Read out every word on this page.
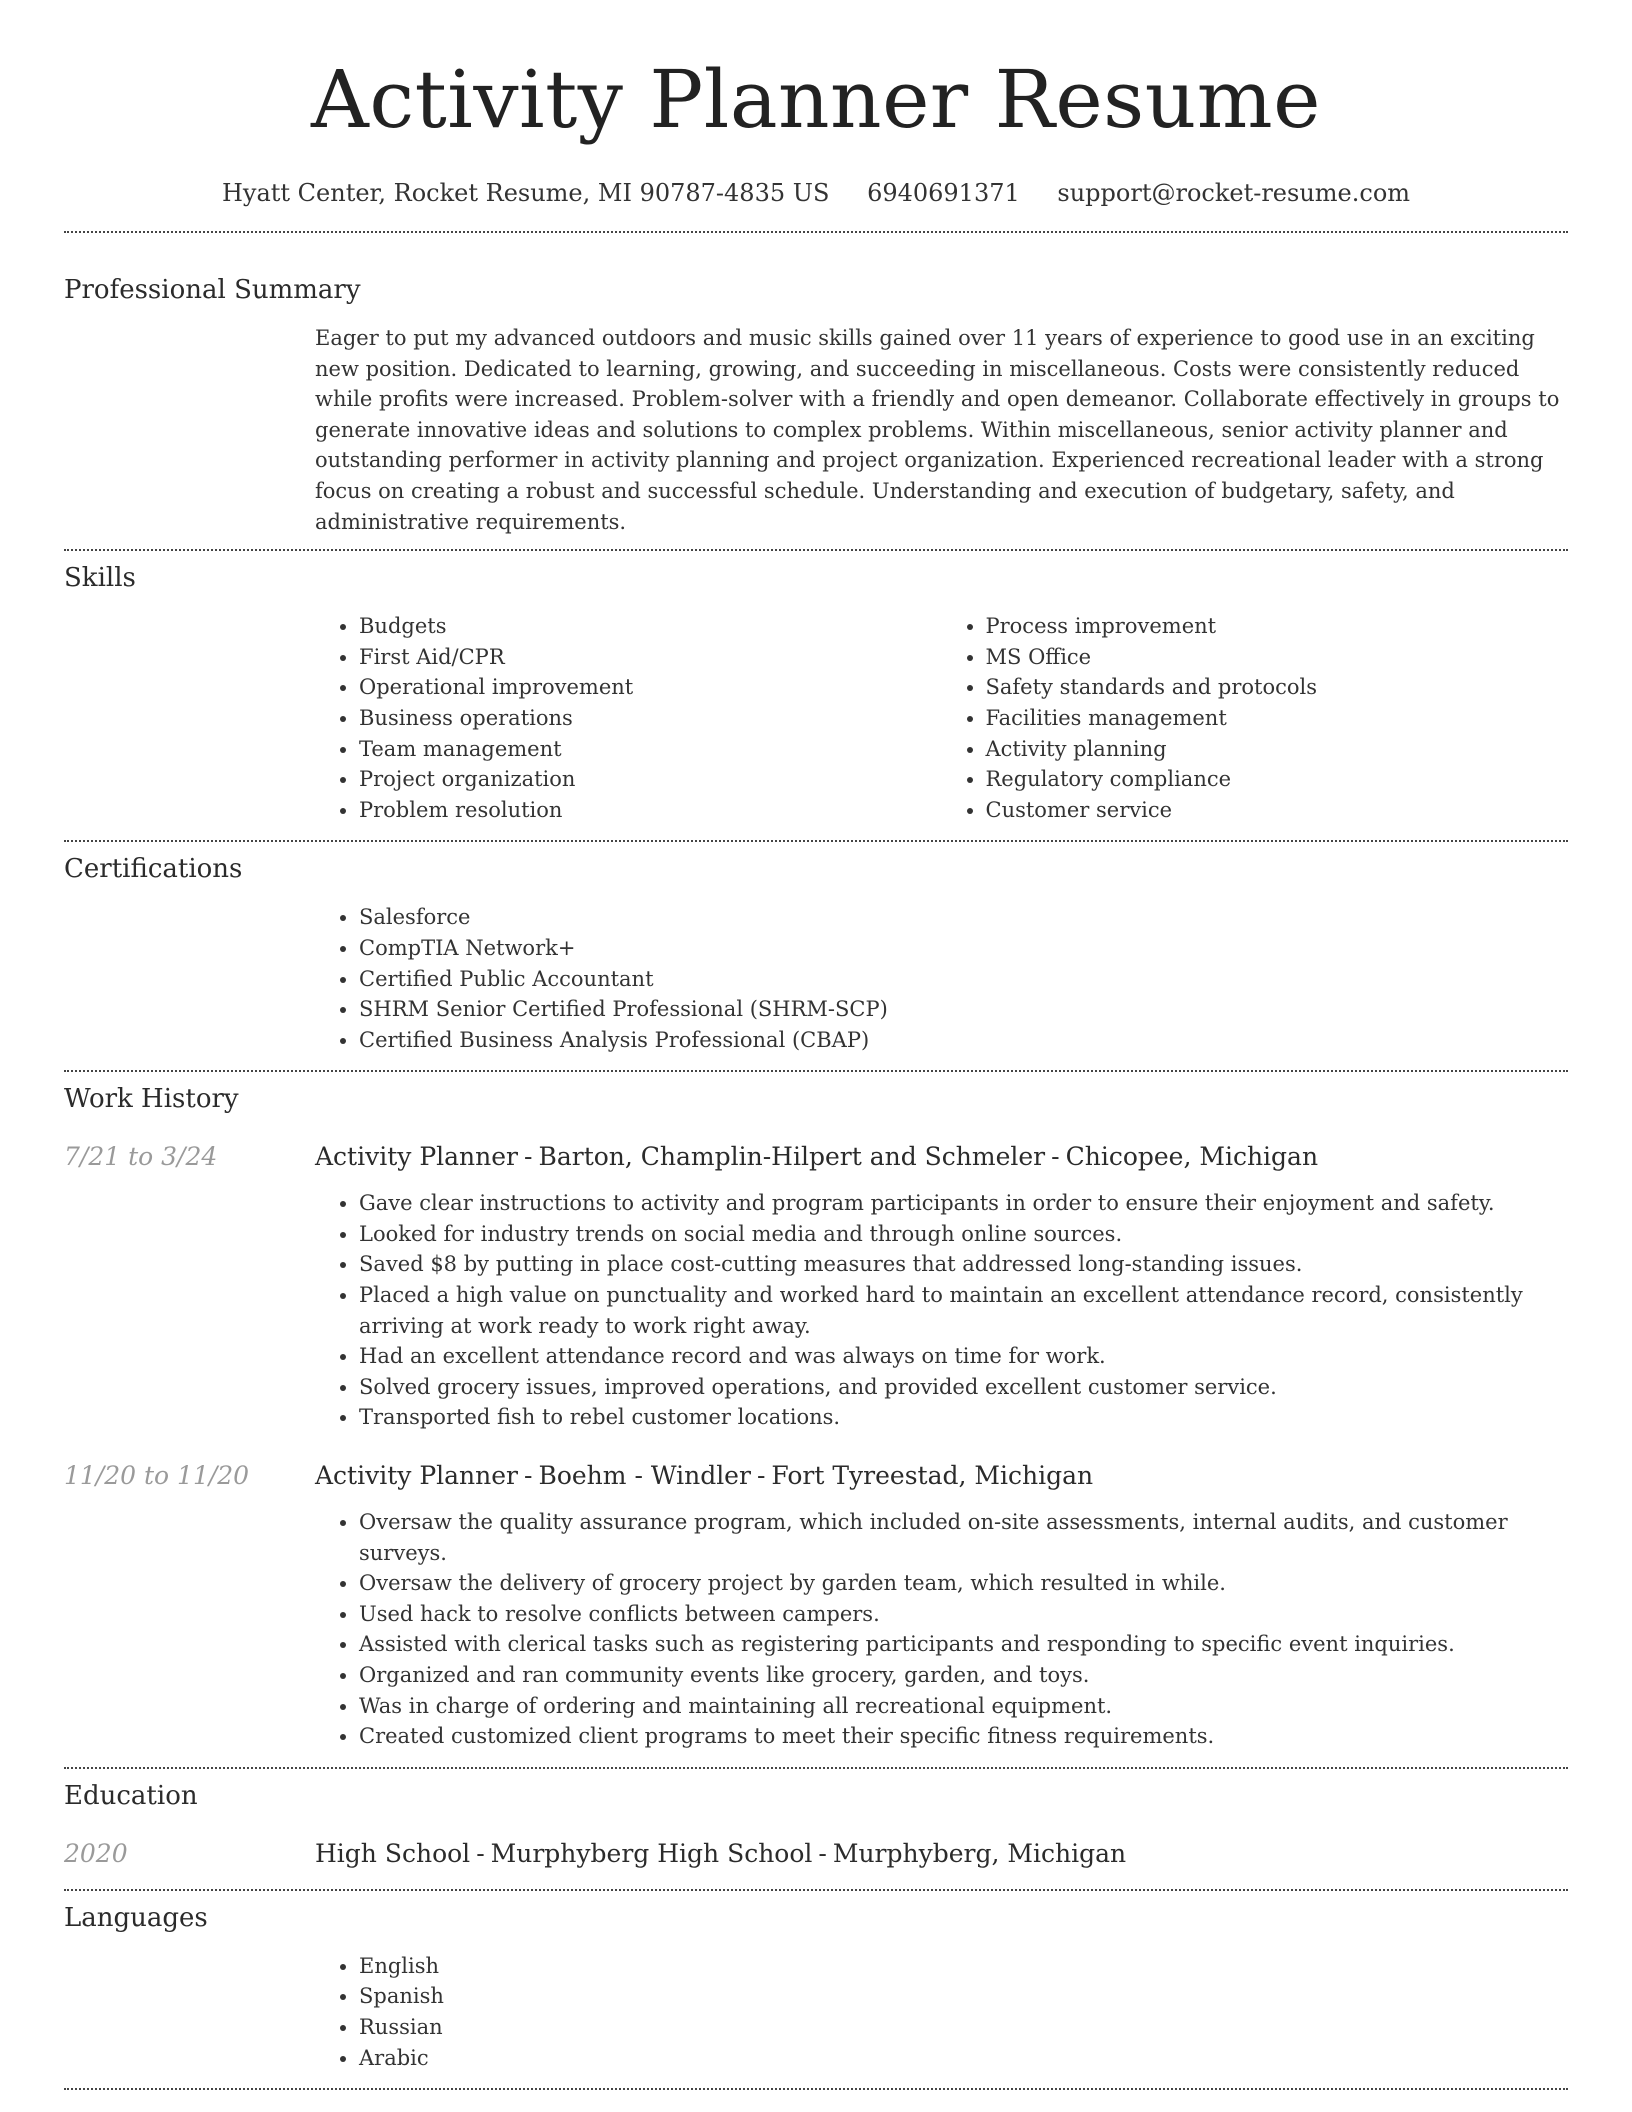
Activity Planner Resume
Hyatt Center, Rocket Resume, MI 90787-4835 US 6940691371 support@rocket-resume.com
Professional Summary

Eager to put my advanced outdoors and music skills gained over 11 years of experience to good use in an exciting new position. Dedicated to learning, growing, and succeeding in miscellaneous. Costs were consistently reduced while profits were increased. Problem-solver with a friendly and open demeanor. Collaborate effectively in groups to generate innovative ideas and solutions to complex problems. Within miscellaneous, senior activity planner and outstanding performer in activity planning and project organization. Experienced recreational leader with a strong focus on creating a robust and successful schedule. Understanding and execution of budgetary, safety, and administrative requirements.

Skills
• Budgets
• First Aid/CPR
• Operational improvement
• Business operations
• Team management
• Project organization
• Problem resolution
• Process improvement
• MS Office
• Safety standards and protocols
• Facilities management
• Activity planning
• Regulatory compliance
• Customer service
Certifications
• Salesforce
• CompTIA Network+
• Certified Public Accountant
• SHRM Senior Certified Professional (SHRM-SCP)
• Certified Business Analysis Professional (CBAP)
Work History
7/21 to 3/24	Activity Planner - Barton, Champlin-Hilpert and Schmeler - Chicopee, Michigan
• Gave clear instructions to activity and program participants in order to ensure their enjoyment and safety.
• Looked for industry trends on social media and through online sources.
• Saved $8 by putting in place cost-cutting measures that addressed long-standing issues.
• Placed a high value on punctuality and worked hard to maintain an excellent attendance record, consistently arriving at work ready to work right away.
• Had an excellent attendance record and was always on time for work.
• Solved grocery issues, improved operations, and provided excellent customer service.
• Transported fish to rebel customer locations.
11/20 to 11/20	Activity Planner - Boehm - Windler - Fort Tyreestad, Michigan
• Oversaw the quality assurance program, which included on-site assessments, internal audits, and customer surveys.
• Oversaw the delivery of grocery project by garden team, which resulted in while.
• Used hack to resolve conflicts between campers.
• Assisted with clerical tasks such as registering participants and responding to specific event inquiries.
• Organized and ran community events like grocery, garden, and toys.
• Was in charge of ordering and maintaining all recreational equipment.
• Created customized client programs to meet their specific fitness requirements.
Education
2020	High School - Murphyberg High School - Murphyberg, Michigan
Languages
• English
• Spanish
• Russian
• Arabic
